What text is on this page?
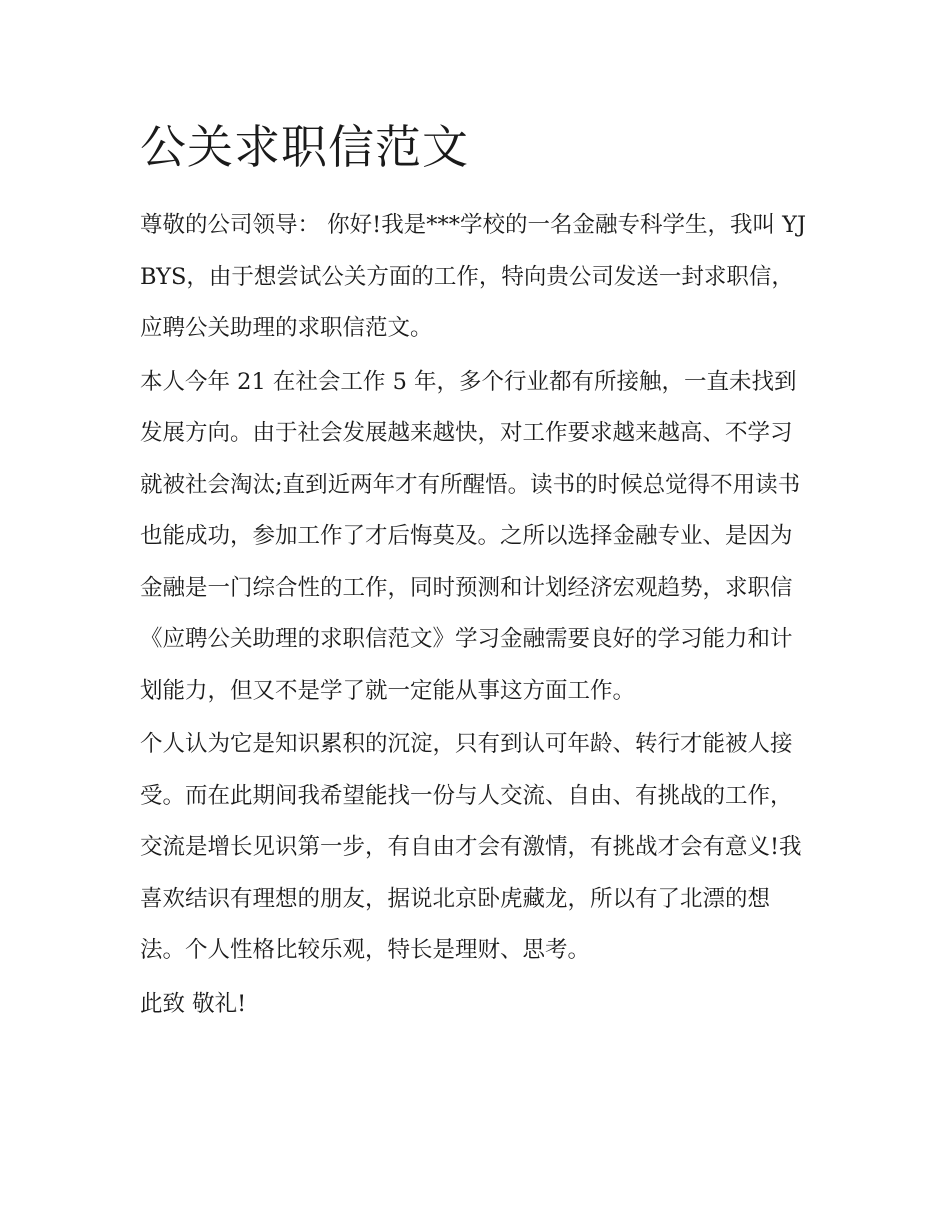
公关求职信范文

尊敬的公司领导： 你好!我是***学校的一名金融专科学生，我叫 YJBYS，由于想尝试公关方面的工作，特向贵公司发送一封求职信，应聘公关助理的求职信范文。

本人今年 21 在社会工作 5 年，多个行业都有所接触，一直未找到发展方向。由于社会发展越来越快，对工作要求越来越高、不学习就被社会淘汰;直到近两年才有所醒悟。读书的时候总觉得不用读书也能成功，参加工作了才后悔莫及。之所以选择金融专业、是因为金融是一门综合性的工作，同时预测和计划经济宏观趋势，求职信《应聘公关助理的求职信范文》学习金融需要良好的学习能力和计划能力，但又不是学了就一定能从事这方面工作。

个人认为它是知识累积的沉淀，只有到认可年龄、转行才能被人接受。而在此期间我希望能找一份与人交流、自由、有挑战的工作，交流是增长见识第一步，有自由才会有激情，有挑战才会有意义!我喜欢结识有理想的朋友，据说北京卧虎藏龙，所以有了北漂的想法。个人性格比较乐观，特长是理财、思考。

此致 敬礼!
